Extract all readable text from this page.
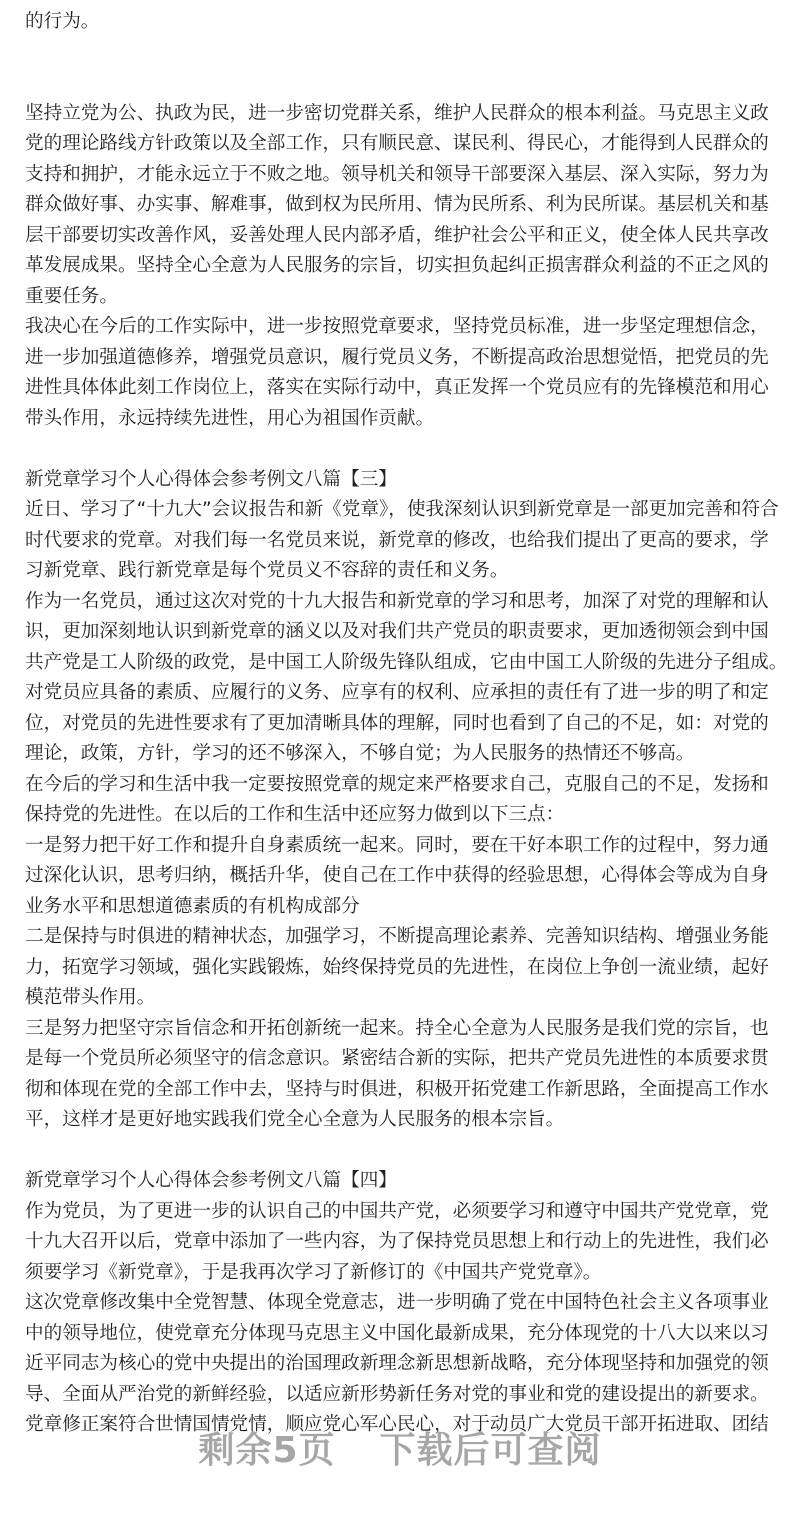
的行为。
坚持立党为公、执政为民，进一步密切党群关系，维护人民群众的根本利益。马克思主义政
党的理论路线方针政策以及全部工作，只有顺民意、谋民利、得民心，才能得到人民群众的
支持和拥护，才能永远立于不败之地。领导机关和领导干部要深入基层、深入实际，努力为
群众做好事、办实事、解难事，做到权为民所用、情为民所系、利为民所谋。基层机关和基
层干部要切实改善作风，妥善处理人民内部矛盾，维护社会公平和正义，使全体人民共享改
革发展成果。坚持全心全意为人民服务的宗旨，切实担负起纠正损害群众利益的不正之风的
重要任务。
我决心在今后的工作实际中，进一步按照党章要求，坚持党员标准，进一步坚定理想信念，
进一步加强道德修养，增强党员意识，履行党员义务，不断提高政治思想觉悟，把党员的先
进性具体体此刻工作岗位上，落实在实际行动中，真正发挥一个党员应有的先锋模范和用心
带头作用，永远持续先进性，用心为祖国作贡献。
新党章学习个人心得体会参考例文八篇【三】
近日、学习了“十九大”会议报告和新《党章》，使我深刻认识到新党章是一部更加完善和符合
时代要求的党章。对我们每一名党员来说，新党章的修改，也给我们提出了更高的要求，学
习新党章、践行新党章是每个党员义不容辞的责任和义务。
作为一名党员，通过这次对党的十九大报告和新党章的学习和思考，加深了对党的理解和认
识，更加深刻地认识到新党章的涵义以及对我们共产党员的职责要求，更加透彻领会到中国
共产党是工人阶级的政党，是中国工人阶级先锋队组成，它由中国工人阶级的先进分子组成。
对党员应具备的素质、应履行的义务、应享有的权利、应承担的责任有了进一步的明了和定
位，对党员的先进性要求有了更加清晰具体的理解，同时也看到了自己的不足，如：对党的
理论，政策，方针，学习的还不够深入，不够自觉；为人民服务的热情还不够高。
在今后的学习和生活中我一定要按照党章的规定来严格要求自己，克服自己的不足，发扬和
保持党的先进性。在以后的工作和生活中还应努力做到以下三点：
一是努力把干好工作和提升自身素质统一起来。同时，要在干好本职工作的过程中，努力通
过深化认识，思考归纳，概括升华，使自己在工作中获得的经验思想，心得体会等成为自身
业务水平和思想道德素质的有机构成部分
二是保持与时俱进的精神状态，加强学习，不断提高理论素养、完善知识结构、增强业务能
力，拓宽学习领域，强化实践锻炼，始终保持党员的先进性，在岗位上争创一流业绩，起好
模范带头作用。
三是努力把坚守宗旨信念和开拓创新统一起来。持全心全意为人民服务是我们党的宗旨，也
是每一个党员所必须坚守的信念意识。紧密结合新的实际，把共产党员先进性的本质要求贯
彻和体现在党的全部工作中去，坚持与时俱进，积极开拓党建工作新思路，全面提高工作水
平，这样才是更好地实践我们党全心全意为人民服务的根本宗旨。
新党章学习个人心得体会参考例文八篇【四】
作为党员，为了更进一步的认识自己的中国共产党，必须要学习和遵守中国共产党党章，党
十九大召开以后，党章中添加了一些内容，为了保持党员思想上和行动上的先进性，我们必
须要学习《新党章》，于是我再次学习了新修订的《中国共产党党章》。
这次党章修改集中全党智慧、体现全党意志，进一步明确了党在中国特色社会主义各项事业
中的领导地位，使党章充分体现马克思主义中国化最新成果，充分体现党的十八大以来以习
近平同志为核心的党中央提出的治国理政新理念新思想新战略，充分体现坚持和加强党的领
导、全面从严治党的新鲜经验，以适应新形势新任务对党的事业和党的建设提出的新要求。
党章修正案符合世情国情党情，顺应党心军心民心，对于动员广大党员干部开拓进取、团结
剩余5页 下载后可查阅
